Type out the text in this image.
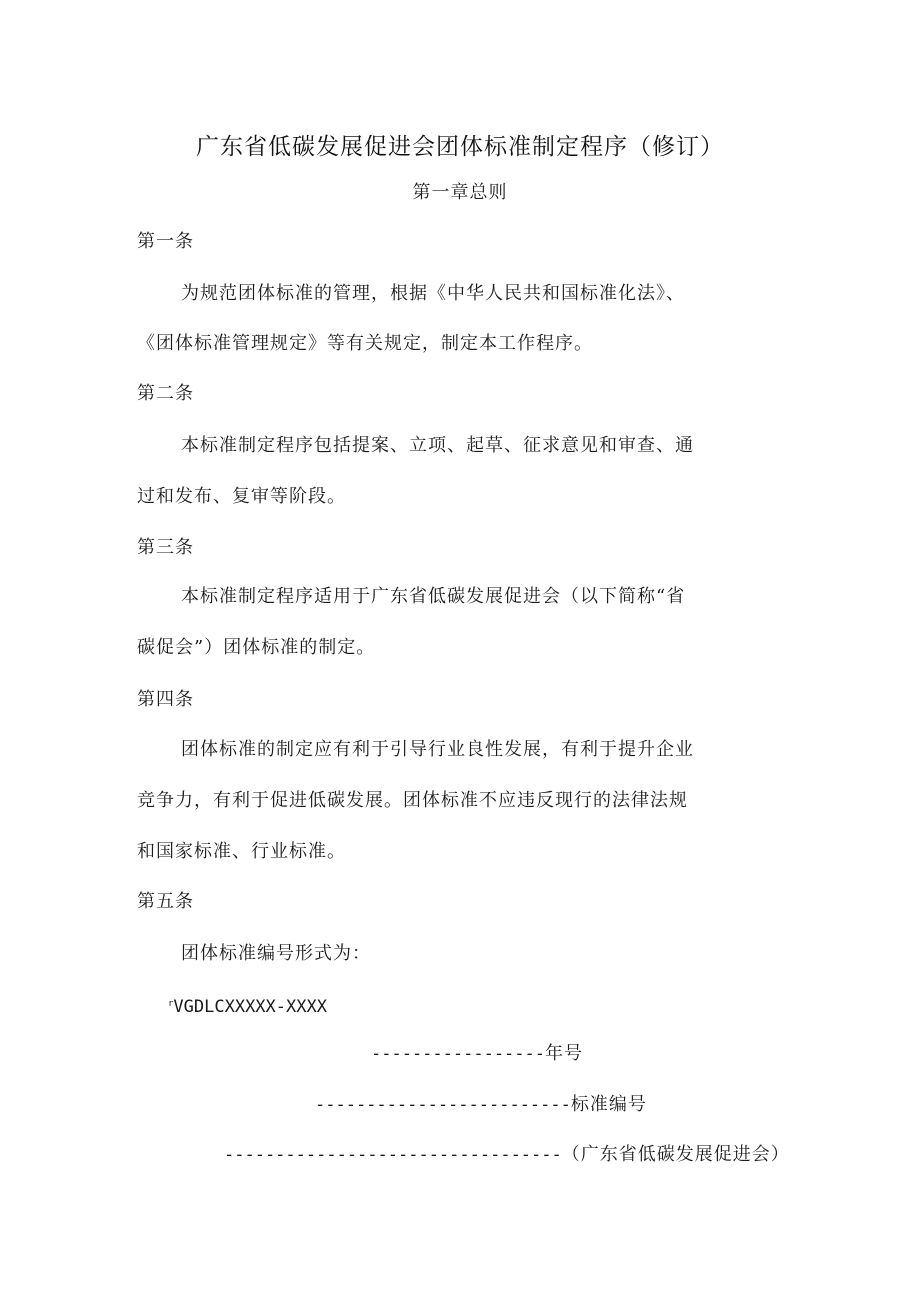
广东省低碳发展促进会团体标准制定程序（修订）
第一章总则
第一条
为规范团体标准的管理，根据《中华人民共和国标准化法》、
《团体标准管理规定》等有关规定，制定本工作程序。
第二条
本标准制定程序包括提案、立项、起草、征求意见和审查、通
过和发布、复审等阶段。
第三条
本标准制定程序适用于广东省低碳发展促进会（以下简称“省
碳促会”）团体标准的制定。
第四条
团体标准的制定应有利于引导行业良性发展，有利于提升企业
竞争力，有利于促进低碳发展。团体标准不应违反现行的法律法规
和国家标准、行业标准。
第五条
团体标准编号形式为：
$^r$VGDLCXXXXX-XXXX
-----------------年号
-------------------------标准编号
---------------------------------（广东省低碳发展促进会）
